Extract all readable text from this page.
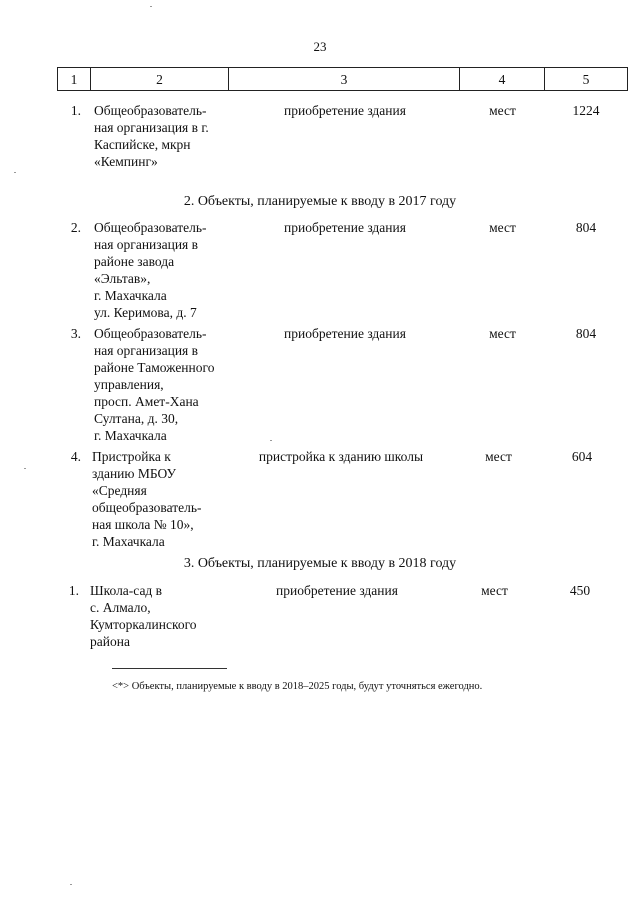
23
1	2	3	4	5
1. Общеобразователь-
ная организация в г.
Каспийске, мкрн
«Кемпинг»
приобретение здания	мест	1224
2. Объекты, планируемые к вводу в 2017 году
2. Общеобразователь-
ная организация в
районе завода
«Эльтав»,
г. Махачкала
ул. Керимова, д. 7
приобретение здания	мест	804
3. Общеобразователь-
ная организация в
районе Таможенного
управления,
просп. Амет-Хана
Султана, д. 30,
г. Махачкала
приобретение здания	мест	804
4. Пристройка к
зданию МБОУ
«Средняя
общеобразователь-
ная школа № 10»,
г. Махачкала
пристройка к зданию школы	мест	604
3. Объекты, планируемые к вводу в 2018 году
1. Школа-сад в
с. Алмало,
Кумторкалинского
района
приобретение здания	мест	450
<*> Объекты, планируемые к вводу в 2018–2025 годы, будут уточняться ежегодно.
